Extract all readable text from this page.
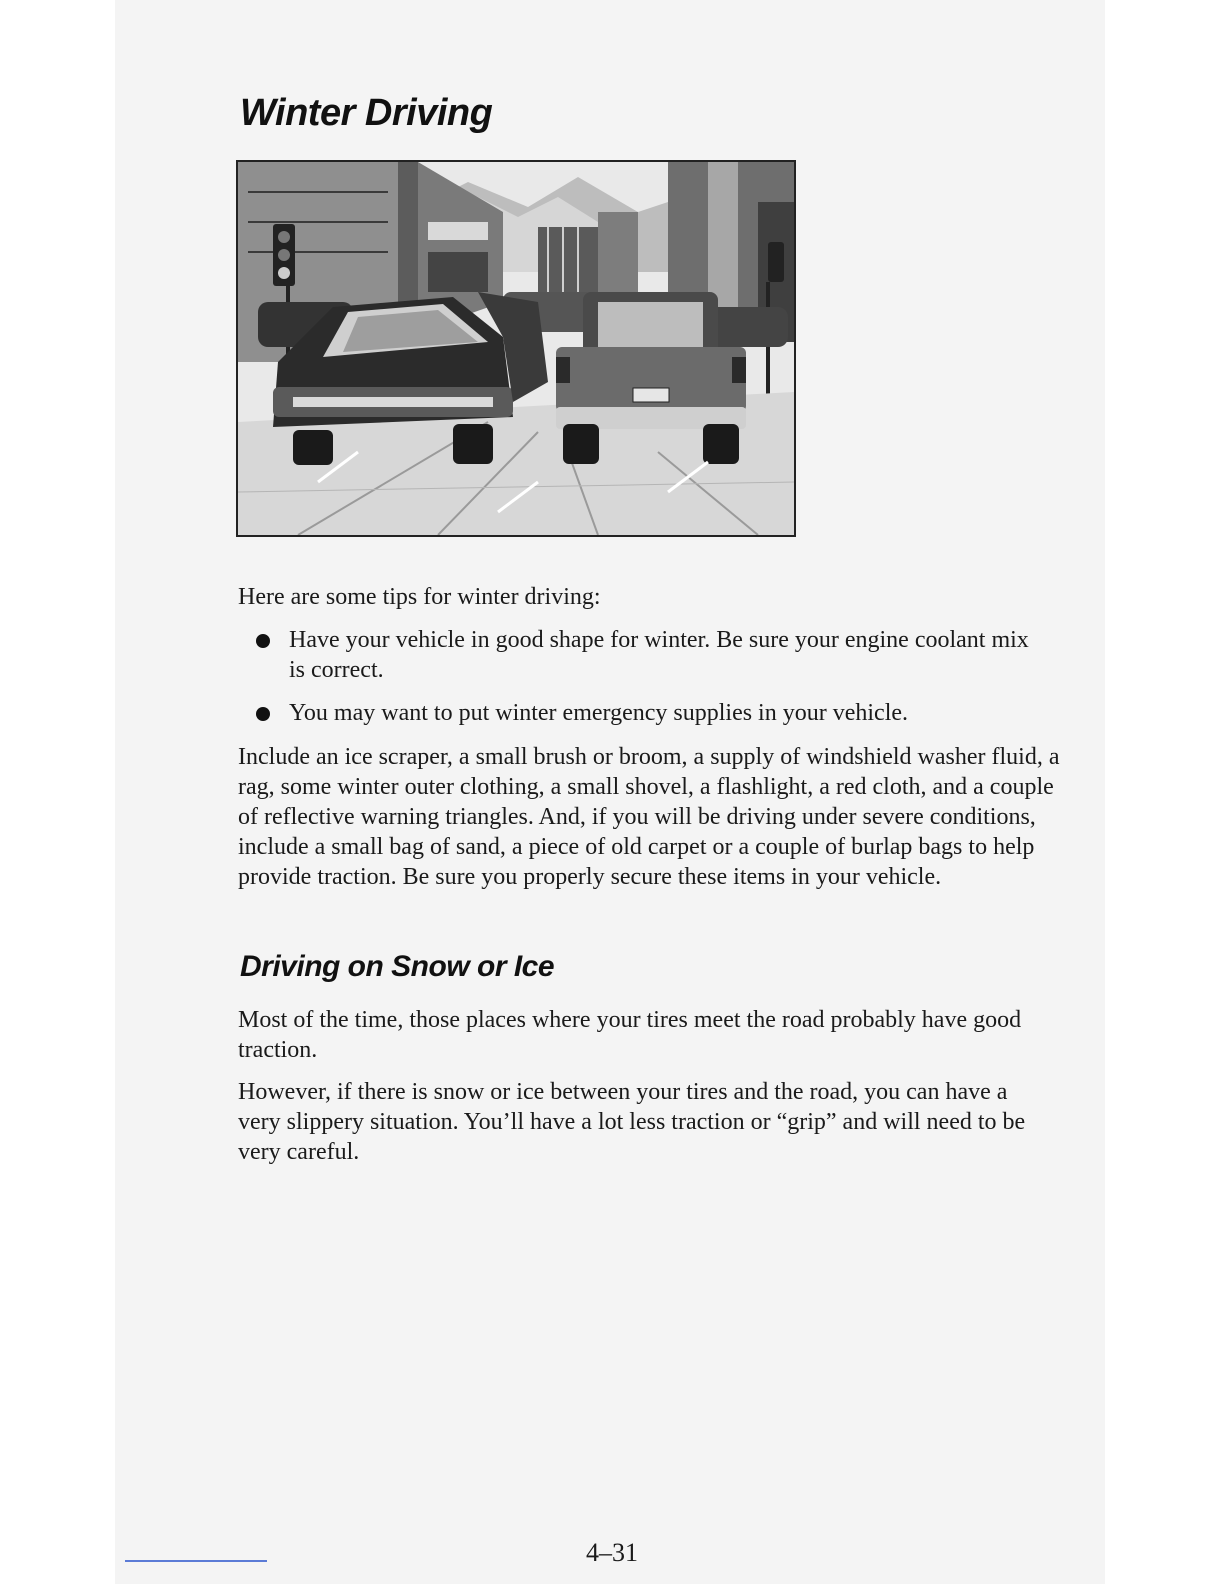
Winter Driving

Here are some tips for winter driving:

Have your vehicle in good shape for winter. Be sure your engine coolant mix is correct.

You may want to put winter emergency supplies in your vehicle.

Include an ice scraper, a small brush or broom, a supply of windshield washer fluid, a rag, some winter outer clothing, a small shovel, a flashlight, a red cloth, and a couple of reflective warning triangles. And, if you will be driving under severe conditions, include a small bag of sand, a piece of old carpet or a couple of burlap bags to help provide traction. Be sure you properly secure these items in your vehicle.

Driving on Snow or Ice

Most of the time, those places where your tires meet the road probably have good traction.

However, if there is snow or ice between your tires and the road, you can have a very slippery situation. You’ll have a lot less traction or “grip” and will need to be very careful.

4–31
